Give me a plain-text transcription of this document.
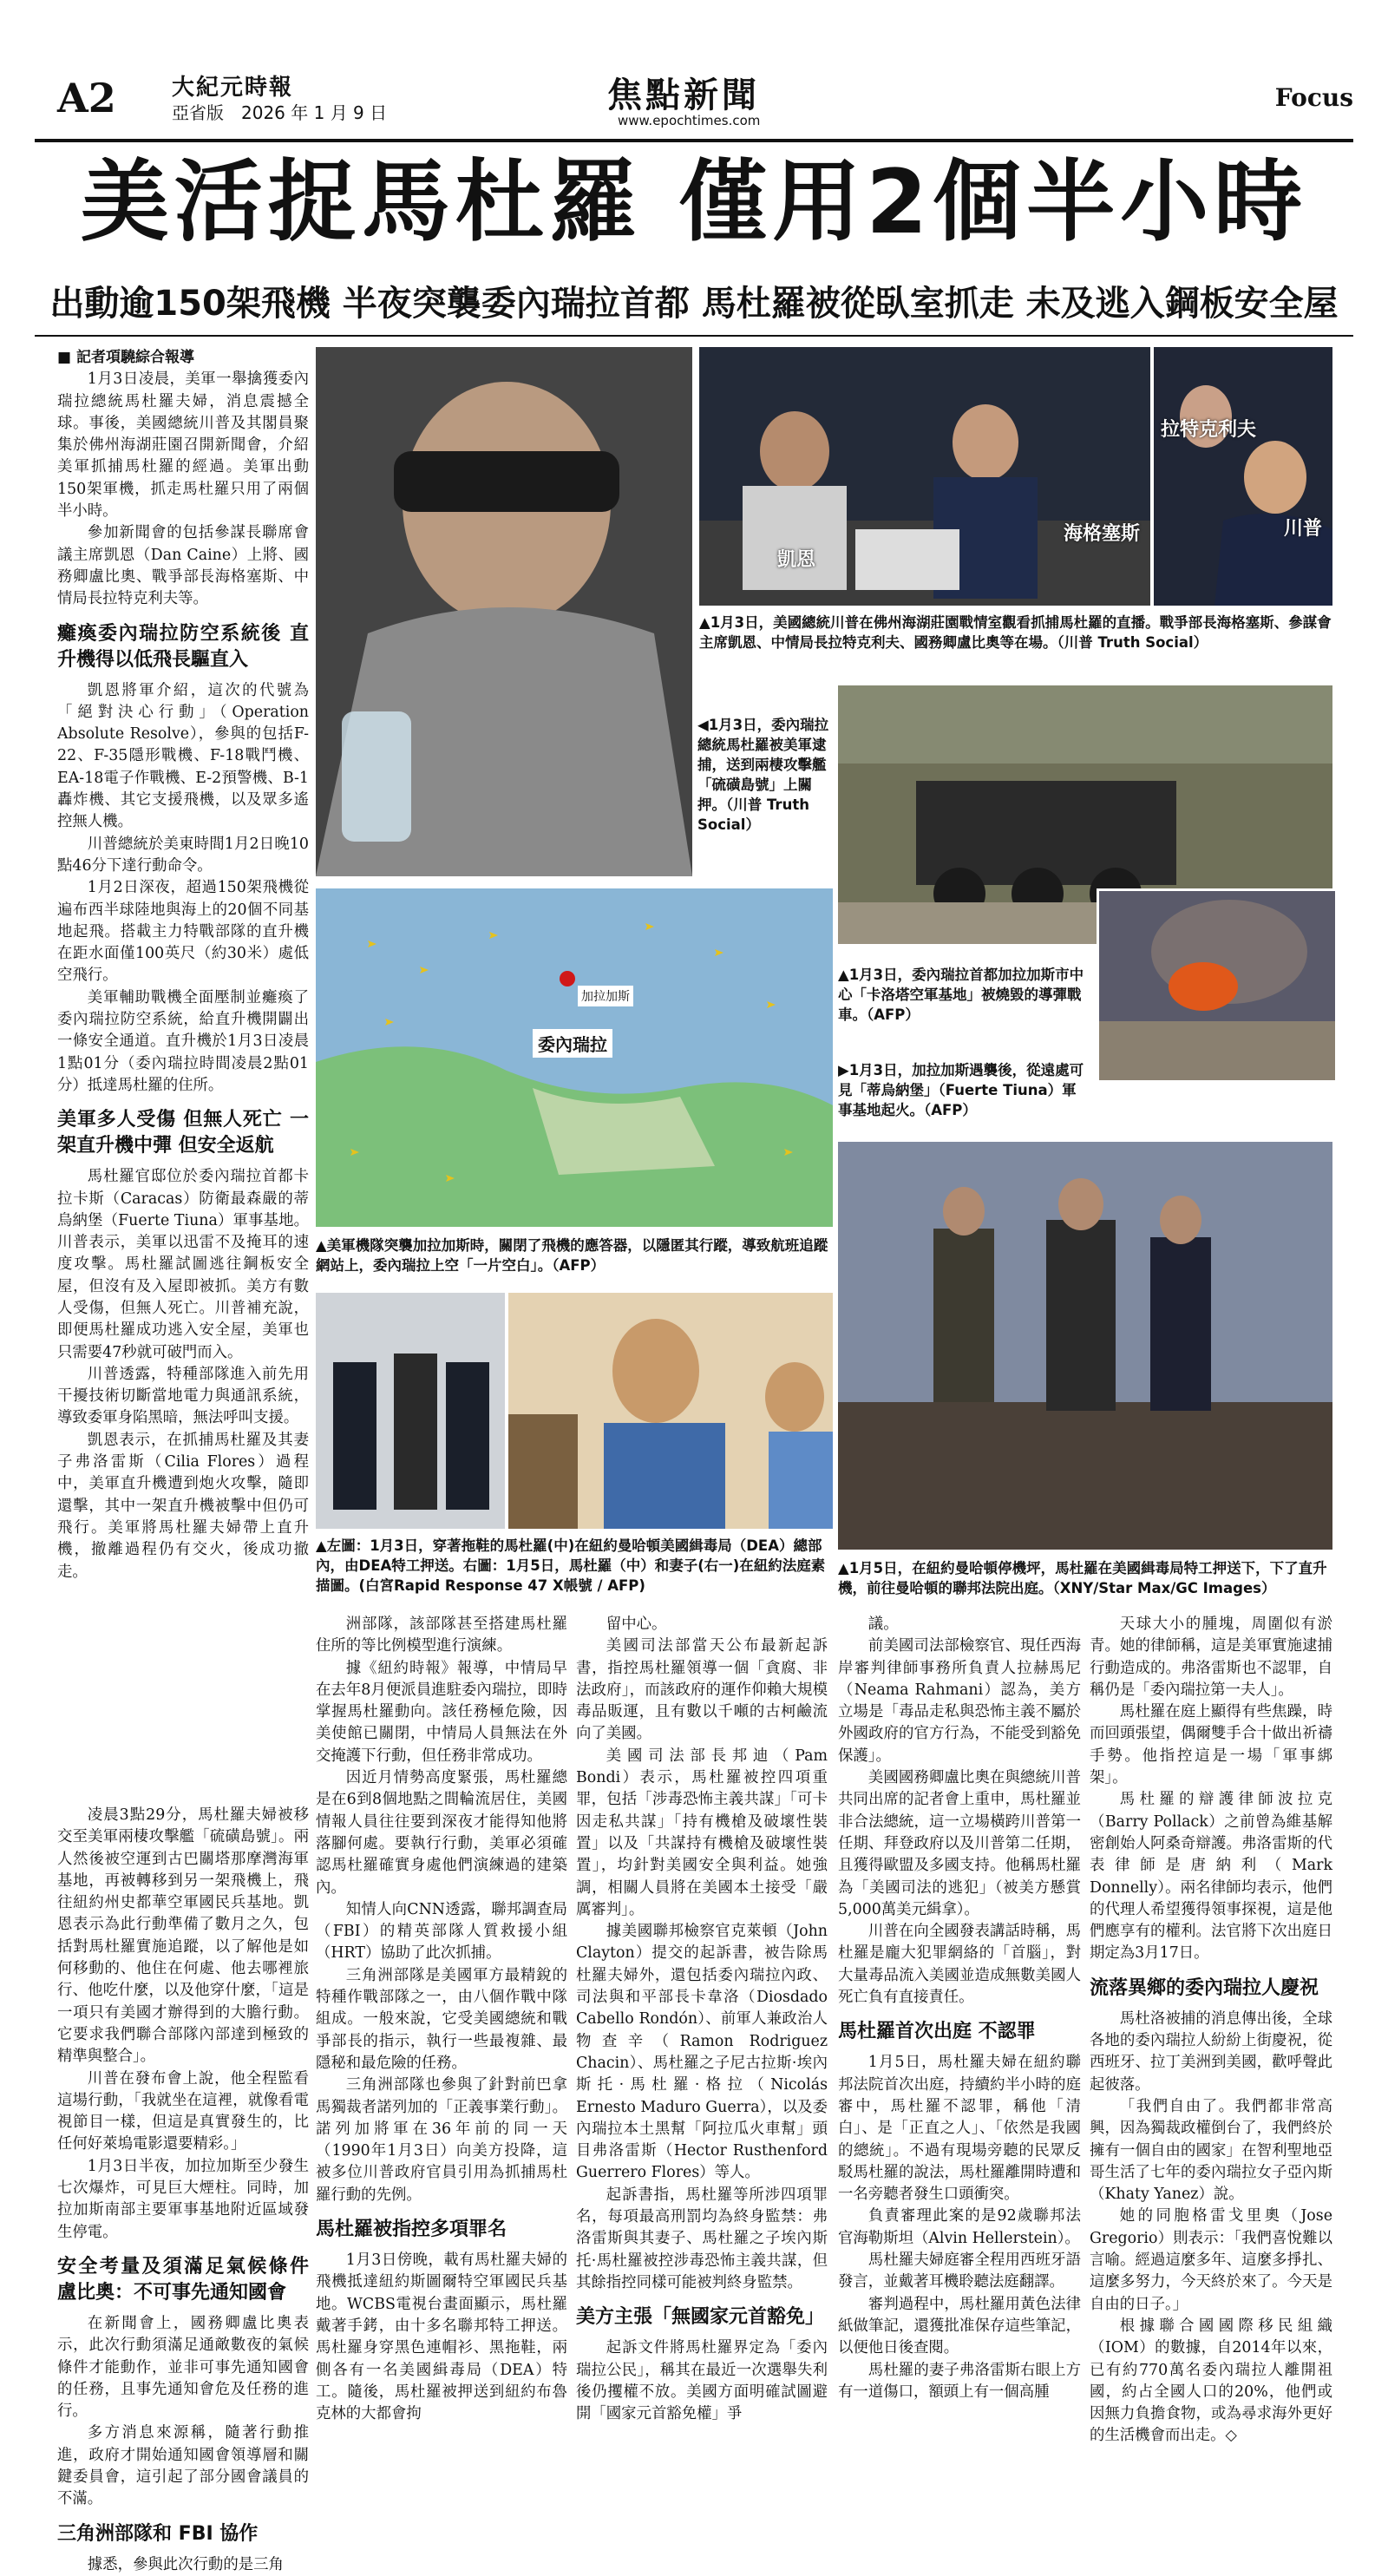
A2 大紀元時報
亞省版　2026 年 1 月 9 日	焦點新聞
www.epochtimes.com
Focus
美活捉馬杜羅 僅用2個半小時
出動逾150架飛機 半夜突襲委內瑞拉首都 馬杜羅被從臥室抓走 未及逃入鋼板安全屋

■ 記者項驍綜合報導

1月3日凌晨，美軍一舉擒獲委內瑞拉總統馬杜羅夫婦，消息震撼全球。事後，美國總統川普及其閣員聚集於佛州海湖莊園召開新聞會，介紹美軍抓捕馬杜羅的經過。美軍出動150架軍機，抓走馬杜羅只用了兩個半小時。

參加新聞會的包括參謀長聯席會議主席凱恩（Dan Caine）上將、國務卿盧比奧、戰爭部長海格塞斯、中情局長拉特克利夫等。

癱瘓委內瑞拉防空系統後 直升機得以低飛長驅直入

凱恩將軍介紹，這次的代號為「絕對決心行動」（Operation Absolute Resolve），參與的包括F-22、F-35隱形戰機、F-18戰鬥機、EA-18電子作戰機、E-2預警機、B-1轟炸機、其它支援飛機，以及眾多遙控無人機。

川普總統於美東時間1月2日晚10點46分下達行動命令。

1月2日深夜，超過150架飛機從遍布西半球陸地與海上的20個不同基地起飛。搭載主力特戰部隊的直升機在距水面僅100英尺（約30米）處低空飛行。

美軍輔助戰機全面壓制並癱瘓了委內瑞拉防空系統，給直升機開闢出一條安全通道。直升機於1月3日凌晨1點01分（委內瑞拉時間凌晨2點01分）抵達馬杜羅的住所。

美軍多人受傷 但無人死亡 一架直升機中彈 但安全返航

馬杜羅官邸位於委內瑞拉首都卡拉卡斯（Caracas）防衛最森嚴的蒂烏納堡（Fuerte Tiuna）軍事基地。川普表示，美軍以迅雷不及掩耳的速度攻擊。馬杜羅試圖逃往鋼板安全屋，但沒有及入屋即被抓。美方有數人受傷，但無人死亡。川普補充說，即便馬杜羅成功逃入安全屋，美軍也只需要47秒就可破門而入。

川普透露，特種部隊進入前先用干擾技術切斷當地電力與通訊系統，導致委軍身陷黑暗，無法呼叫支援。

凱恩表示，在抓捕馬杜羅及其妻子弗洛雷斯（Cilia Flores）過程中，美軍直升機遭到炮火攻擊，隨即還擊，其中一架直升機被擊中但仍可飛行。美軍將馬杜羅夫婦帶上直升機，撤離過程仍有交火，後成功撤走。

凱恩
海格塞斯
拉特克利夫
川普
▲1月3日，美國總統川普在佛州海湖莊園戰情室觀看抓捕馬杜羅的直播。戰爭部長海格塞斯、參謀會主席凱恩、中情局長拉特克利夫、國務卿盧比奧等在場。（川普 Truth Social）
◀1月3日，委內瑞拉總統馬杜羅被美軍逮捕，送到兩棲攻擊艦「硫磺島號」上關押。（川普 Truth Social）
▲1月3日，委內瑞拉首都加拉加斯市中心「卡洛塔空軍基地」被燒毀的導彈戰車。（AFP）
▶1月3日，加拉加斯遇襲後，從遠處可見「蒂烏納堡」（Fuerte Tiuna）軍事基地起火。（AFP）
加拉加斯
委內瑞拉
▲美軍機隊突襲加拉加斯時，關閉了飛機的應答器，以隱匿其行蹤，導致航班追蹤網站上，委內瑞拉上空「一片空白」。（AFP）
▲1月5日，在紐約曼哈頓停機坪，馬杜羅在美國緝毒局特工押送下，下了直升機，前往曼哈頓的聯邦法院出庭。（XNY/Star Max/GC Images）
▲左圖：1月3日，穿著拖鞋的馬杜羅(中)在紐約曼哈頓美國緝毒局（DEA）總部內，由DEA特工押送。右圖：1月5日，馬杜羅（中）和妻子(右一)在紐約法庭素描圖。(白宮Rapid Response 47 X帳號 / AFP)

凌晨3點29分，馬杜羅夫婦被移交至美軍兩棲攻擊艦「硫磺島號」。兩人然後被空運到古巴關塔那摩灣海軍基地，再被轉移到另一架飛機上，飛往紐約州史都華空軍國民兵基地。凱恩表示為此行動準備了數月之久，包括對馬杜羅實施追蹤，以了解他是如何移動的、他住在何處、他去哪裡旅行、他吃什麼，以及他穿什麼，「這是一項只有美國才辦得到的大膽行動。它要求我們聯合部隊內部達到極致的精準與整合」。

川普在發布會上說，他全程監看這場行動，「我就坐在這裡，就像看電視節目一樣，但這是真實發生的，比任何好萊塢電影還要精彩。」

1月3日半夜，加拉加斯至少發生七次爆炸，可見巨大煙柱。同時，加拉加斯南部主要軍事基地附近區域發生停電。

安全考量及須滿足氣候條件 盧比奧：不可事先通知國會

在新聞會上，國務卿盧比奧表示，此次行動須滿足通敵數夜的氣候條件才能動作，並非可事先通知國會的任務，且事先通知會危及任務的進行。

多方消息來源稱，隨著行動推進，政府才開始通知國會領導層和關鍵委員會，這引起了部分國會議員的不滿。

三角洲部隊和 FBI 協作

據悉，參與此次行動的是三角

洲部隊，該部隊甚至搭建馬杜羅住所的等比例模型進行演練。

據《紐約時報》報導，中情局早在去年8月便派員進駐委內瑞拉，即時掌握馬杜羅動向。該任務極危險，因美使館已關閉，中情局人員無法在外交掩護下行動，但任務非常成功。

因近月情勢高度緊張，馬杜羅總是在6到8個地點之間輪流居住，美國情報人員往往要到深夜才能得知他將落腳何處。要執行行動，美軍必須確認馬杜羅確實身處他們演練過的建築內。

知情人向CNN透露，聯邦調查局（FBI）的精英部隊人質救援小組（HRT）協助了此次抓捕。

三角洲部隊是美國軍方最精銳的特種作戰部隊之一，由八個作戰中隊組成。一般來說，它受美國總統和戰爭部長的指示，執行一些最複雜、最隱秘和最危險的任務。

三角洲部隊也參與了針對前巴拿馬獨裁者諾列加的「正義事業行動」。諾列加將軍在36年前的同一天（1990年1月3日）向美方投降，這被多位川普政府官員引用為抓捕馬杜羅行動的先例。

馬杜羅被指控多項罪名

1月3日傍晚，載有馬杜羅夫婦的飛機抵達紐約斯圖爾特空軍國民兵基地。WCBS電視台畫面顯示，馬杜羅戴著手銬，由十多名聯邦特工押送。馬杜羅身穿黑色連帽衫、黑拖鞋，兩側各有一名美國緝毒局（DEA）特工。隨後，馬杜羅被押送到紐約布魯克林的大都會拘

留中心。

美國司法部當天公布最新起訴書，指控馬杜羅領導一個「貪腐、非法政府」，而該政府的運作仰賴大規模毒品販運，且有數以千噸的古柯鹼流向了美國。

美國司法部長邦迪（Pam Bondi）表示，馬杜羅被控四項重罪，包括「涉毒恐怖主義共謀」「可卡因走私共謀」「持有機槍及破壞性裝置」以及「共謀持有機槍及破壞性裝置」，均針對美國安全與利益。她強調，相關人員將在美國本土接受「嚴厲審判」。

據美國聯邦檢察官克萊頓（John Clayton）提交的起訴書，被告除馬杜羅夫婦外，還包括委內瑞拉內政、司法與和平部長卡韋洛（Diosdado Cabello Rondón）、前軍人兼政治人物查辛（Ramon Rodriguez Chacin）、馬杜羅之子尼古拉斯·埃內斯托·馬杜羅·格拉（Nicolás Ernesto Maduro Guerra），以及委內瑞拉本土黑幫「阿拉瓜火車幫」頭目弗洛雷斯（Hector Rusthenford Guerrero Flores）等人。

起訴書指，馬杜羅等所涉四項罪名，每項最高刑罰均為終身監禁：弗洛雷斯與其妻子、馬杜羅之子埃內斯托·馬杜羅被控涉毒恐怖主義共謀，但其餘指控同樣可能被判終身監禁。

美方主張「無國家元首豁免」

起訴文件將馬杜羅界定為「委內瑞拉公民」，稱其在最近一次選舉失利後仍攫權不放。美國方面明確試圖避開「國家元首豁免權」爭

議。

前美國司法部檢察官、現任西海岸審判律師事務所負責人拉赫馬尼（Neama Rahmani）認為，美方立場是「毒品走私與恐怖主義不屬於外國政府的官方行為，不能受到豁免保護」。

美國國務卿盧比奧在與總統川普共同出席的記者會上重申，馬杜羅並非合法總統，這一立場橫跨川普第一任期、拜登政府以及川普第二任期，且獲得歐盟及多國支持。他稱馬杜羅為「美國司法的逃犯」（被美方懸賞5,000萬美元緝拿）。

川普在向全國發表講話時稱，馬杜羅是龐大犯罪網絡的「首腦」，對大量毒品流入美國並造成無數美國人死亡負有直接責任。

馬杜羅首次出庭 不認罪

1月5日，馬杜羅夫婦在紐約聯邦法院首次出庭，持續約半小時的庭審中，馬杜羅不認罪，稱他「清白」、是「正直之人」、「依然是我國的總統」。不過有現場旁聽的民眾反駁馬杜羅的說法，馬杜羅離開時遭和一名旁聽者發生口頭衝突。

負責審理此案的是92歲聯邦法官海勒斯坦（Alvin Hellerstein）。

馬杜羅夫婦庭審全程用西班牙語發言，並戴著耳機聆聽法庭翻譯。

審判過程中，馬杜羅用黃色法律紙做筆記，還獲批准保存這些筆記，以便他日後查閱。

馬杜羅的妻子弗洛雷斯右眼上方有一道傷口，額頭上有一個高腫

天球大小的腫塊，周圍似有淤青。她的律師稱，這是美軍實施逮捕行動造成的。弗洛雷斯也不認罪，自稱仍是「委內瑞拉第一夫人」。

馬杜羅在庭上顯得有些焦躁，時而回頭張望，偶爾雙手合十做出祈禱手勢。他指控這是一場「軍事綁架」。

馬杜羅的辯護律師波拉克（Barry Pollack）之前曾為維基解密創始人阿桑奇辯護。弗洛雷斯的代表律師是唐納利（Mark Donnelly）。兩名律師均表示，他們的代理人希望獲得領事探視，這是他們應享有的權利。法官將下次出庭日期定為3月17日。

流落異鄉的委內瑞拉人慶祝

馬杜洛被捕的消息傳出後，全球各地的委內瑞拉人紛紛上街慶祝，從西班牙、拉丁美洲到美國，歡呼聲此起彼落。

「我們自由了。我們都非常高興，因為獨裁政權倒台了，我們終於擁有一個自由的國家」在智利聖地亞哥生活了七年的委內瑞拉女子亞內斯（Khaty Yanez）說。

她的同胞格雷戈里奧（Jose Gregorio）則表示：「我們喜悅難以言喻。經過這麼多年、這麼多掙扎、這麼多努力，今天終於來了。今天是自由的日子。」

根據聯合國國際移民組織（IOM）的數據，自2014年以來，已有約770萬名委內瑞拉人離開祖國，約占全國人口的20%，他們或因無力負擔食物，或為尋求海外更好的生活機會而出走。◇
